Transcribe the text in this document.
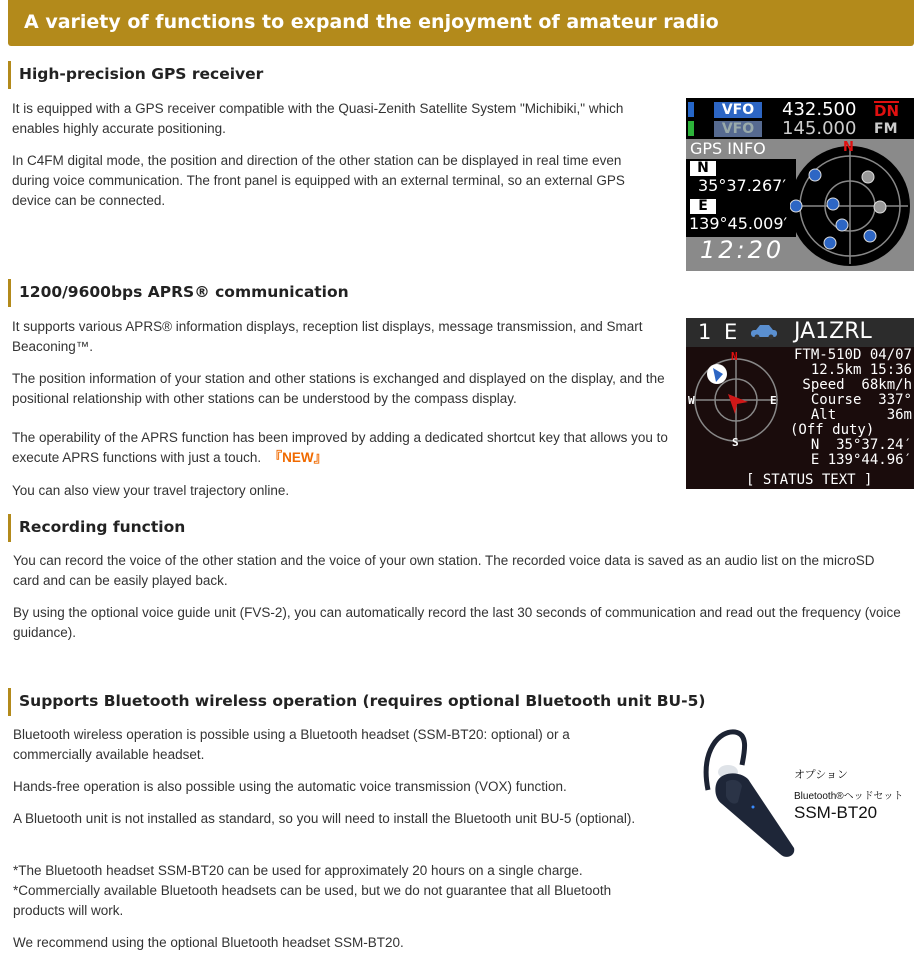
A variety of functions to expand the enjoyment of amateur radio
High-precision GPS receiver
It is equipped with a GPS receiver compatible with the Quasi-Zenith Satellite System "Michibiki," which enables highly accurate positioning.
In C4FM digital mode, the position and direction of the other station can be displayed in real time even during voice communication. The front panel is equipped with an external terminal, so an external GPS device can be connected.
VFO	432.500 DN
VFO	145.000 FM
GPS INFO
N
35°37.267′
E
139°45.009′
12:20
N
1200/9600bps APRS® communication
It supports various APRS® information displays, reception list displays, message transmission, and Smart Beaconing™.
The position information of your station and other stations is exchanged and displayed on the display, and the positional relationship with other stations can be understood by the compass display.
The operability of the APRS function has been improved by adding a dedicated shortcut key that allows you to execute APRS functions with just a touch. 『NEW』
You can also view your travel trajectory online.
1 E JA1ZRL
N
S
W	E
FTM-510D 04/07
12.5km 15:36
Speed  68km/h
Course  337°
Alt      36m
(Off duty)
N  35°37.24′
E 139°44.96′
[ STATUS TEXT ]
Recording function
You can record the voice of the other station and the voice of your own station. The recorded voice data is saved as an audio list on the microSD card and can be easily played back.
By using the optional voice guide unit (FVS-2), you can automatically record the last 30 seconds of communication and read out the frequency (voice guidance).
Supports Bluetooth wireless operation (requires optional Bluetooth unit BU-5)
Bluetooth wireless operation is possible using a Bluetooth headset (SSM-BT20: optional) or a commercially available headset.
Hands-free operation is also possible using the automatic voice transmission (VOX) function.
A Bluetooth unit is not installed as standard, so you will need to install the Bluetooth unit BU-5 (optional).
*The Bluetooth headset SSM-BT20 can be used for approximately 20 hours on a single charge.
*Commercially available Bluetooth headsets can be used, but we do not guarantee that all Bluetooth products will work.
We recommend using the optional Bluetooth headset SSM-BT20.
オプション
Bluetooth®ヘッドセット
SSM-BT20
